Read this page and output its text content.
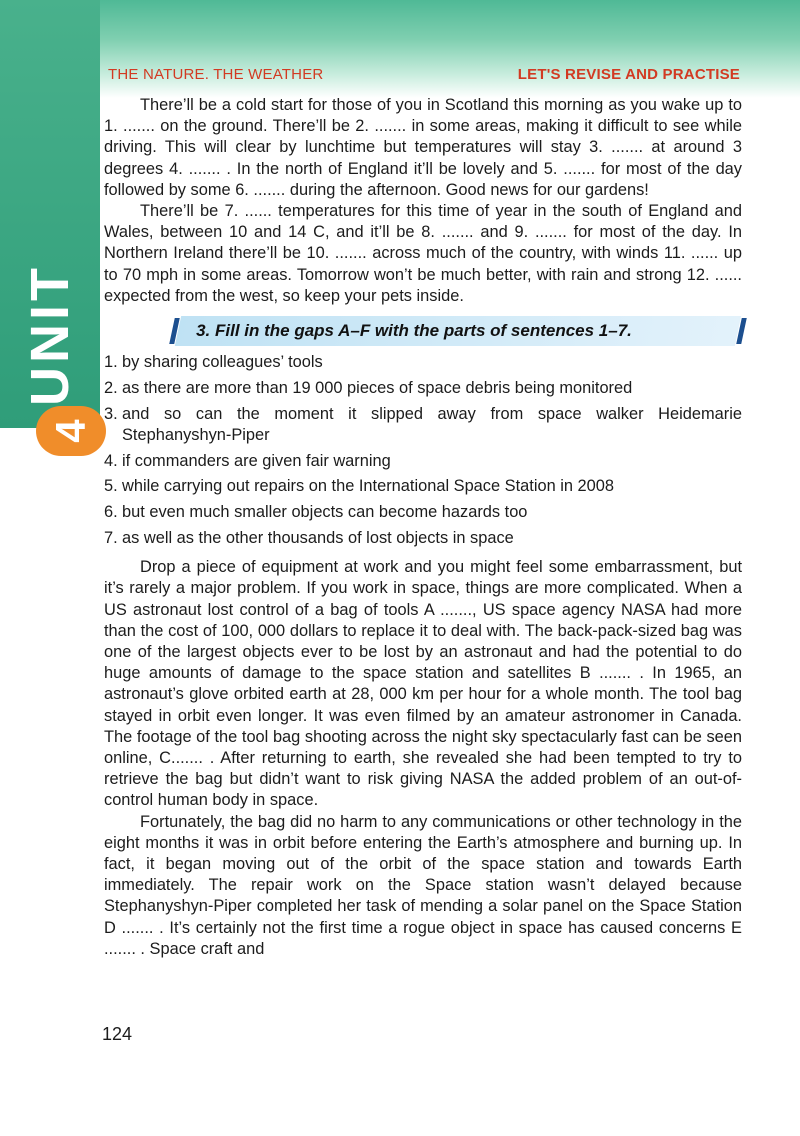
UNIT
4
THE NATURE. THE WEATHER	LET'S REVISE AND PRACTISE

There’ll be a cold start for those of you in Scotland this morning as you wake up to 1. ....... on the ground. There’ll be 2. ....... in some areas, making it difficult to see while driving. This will clear by lunchtime but temperatures will stay 3. ....... at around 3 degrees 4. ....... . In the north of England it’ll be lovely and 5. ....... for most of the day followed by some 6. ....... during the afternoon. Good news for our gardens!

There’ll be 7. ...... temperatures for this time of year in the south of England and Wales, between 10 and 14 C, and it’ll be 8. ....... and 9. ....... for most of the day. In Northern Ireland there’ll be 10. ....... across much of the country, with winds 11. ...... up to 70 mph in some areas. Tomorrow won’t be much better, with rain and strong 12. ...... expected from the west, so keep your pets inside.

3. Fill in the gaps A–F with the parts of sentences 1–7.
1. by sharing colleagues’ tools
2. as there are more than 19 000 pieces of space debris being monitored
3. and so can the moment it slipped away from space walker Heidemarie Stephanyshyn-Piper
4. if commanders are given fair warning
5. while carrying out repairs on the International Space Station in 2008
6. but even much smaller objects can become hazards too
7. as well as the other thousands of lost objects in space

Drop a piece of equipment at work and you might feel some embarrassment, but it’s rarely a major problem. If you work in space, things are more complicated. When a US astronaut lost control of a bag of tools A ......., US space agency NASA had more than the cost of 100, 000 dollars to replace it to deal with. The back-pack-sized bag was one of the largest objects ever to be lost by an astronaut and had the potential to do huge amounts of damage to the space station and satellites B ....... . In 1965, an astronaut’s glove orbited earth at 28, 000 km per hour for a whole month. The tool bag stayed in orbit even longer. It was even filmed by an amateur astronomer in Canada. The footage of the tool bag shooting across the night sky spectacularly fast can be seen online, C....... . After returning to earth, she revealed she had been tempted to try to retrieve the bag but didn’t want to risk giving NASA the added problem of an out-of-control human body in space.

Fortunately, the bag did no harm to any communications or other technology in the eight months it was in orbit before entering the Earth’s atmosphere and burning up. In fact, it began moving out of the orbit of the space station and towards Earth immediately. The repair work on the Space station wasn’t delayed because Stephanyshyn-Piper completed her task of mending a solar panel on the Space Station D ....... . It’s certainly not the first time a rogue object in space has caused concerns E ....... . Space craft and

124
